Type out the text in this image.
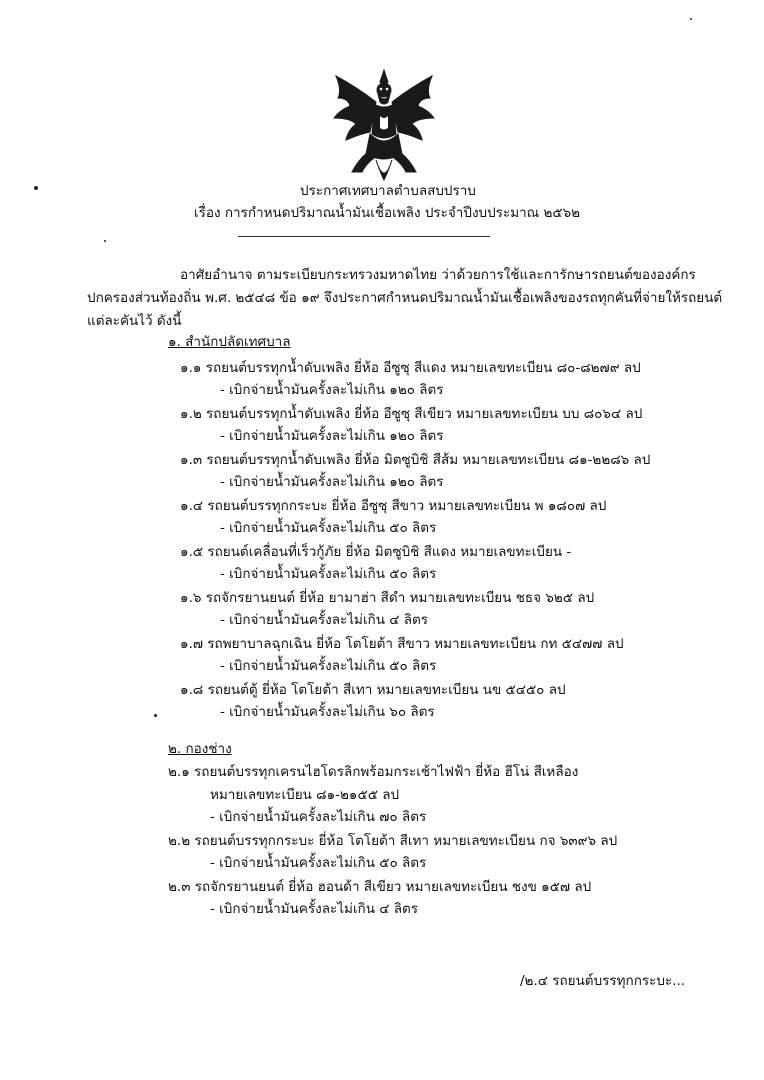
ประกาศเทศบาลตำบลสบปราบ
เรื่อง การกำหนดปริมาณน้ำมันเชื้อเพลิง ประจำปีงบประมาณ ๒๕๖๒
อาศัยอำนาจ ตามระเบียบกระทรวงมหาดไทย ว่าด้วยการใช้และการักษารถยนต์ขององค์กร
ปกครองส่วนท้องถิ่น พ.ศ. ๒๕๔๘ ข้อ ๑๙ จึงประกาศกำหนดปริมาณน้ำมันเชื้อเพลิงของรถทุกคันที่จ่ายให้รถยนต์
แต่ละคันไว้ ดังนี้
๑. สำนักปลัดเทศบาล
๑.๑ รถยนต์บรรทุกน้ำดับเพลิง ยี่ห้อ อีซูซุ สีแดง หมายเลขทะเบียน ๘๐-๘๒๗๙ ลป
- เบิกจ่ายน้ำมันครั้งละไม่เกิน ๑๒๐ ลิตร
๑.๒ รถยนต์บรรทุกน้ำดับเพลิง ยี่ห้อ อีซูซุ สีเขียว หมายเลขทะเบียน บบ ๘๐๖๔ ลป
- เบิกจ่ายน้ำมันครั้งละไม่เกิน ๑๒๐ ลิตร
๑.๓ รถยนต์บรรทุกน้ำดับเพลิง ยี่ห้อ มิตซูบิชิ สีส้ม หมายเลขทะเบียน ๘๑-๒๒๘๖ ลป
- เบิกจ่ายน้ำมันครั้งละไม่เกิน ๑๒๐ ลิตร
๑.๔ รถยนต์บรรทุกกระบะ ยี่ห้อ อีซูซุ สีขาว หมายเลขทะเบียน พ ๑๘๐๗ ลป
- เบิกจ่ายน้ำมันครั้งละไม่เกิน ๕๐ ลิตร
๑.๕ รถยนต์เคลื่อนที่เร็วกู้ภัย ยี่ห้อ มิตซูบิชิ สีแดง หมายเลขทะเบียน -
- เบิกจ่ายน้ำมันครั้งละไม่เกิน ๕๐ ลิตร
๑.๖ รถจักรยานยนต์ ยี่ห้อ ยามาฮ่า สีดำ หมายเลขทะเบียน ชธจ ๖๒๕ ลป
- เบิกจ่ายน้ำมันครั้งละไม่เกิน ๔ ลิตร
๑.๗ รถพยาบาลฉุกเฉิน ยี่ห้อ โตโยต้า สีขาว หมายเลขทะเบียน กท ๕๔๗๗ ลป
- เบิกจ่ายน้ำมันครั้งละไม่เกิน ๕๐ ลิตร
๑.๘ รถยนต์ตู้ ยี่ห้อ โตโยต้า สีเทา หมายเลขทะเบียน นข ๕๔๕๐ ลป
- เบิกจ่ายน้ำมันครั้งละไม่เกิน ๖๐ ลิตร
๒. กองช่าง
๒.๑ รถยนต์บรรทุกเครนไฮโดรลิกพร้อมกระเช้าไฟฟ้า ยี่ห้อ ฮีโน่ สีเหลือง
หมายเลขทะเบียน ๘๑-๒๑๕๕ ลป
- เบิกจ่ายน้ำมันครั้งละไม่เกิน ๗๐ ลิตร
๒.๒ รถยนต์บรรทุกกระบะ ยี่ห้อ โตโยต้า สีเทา หมายเลขทะเบียน กจ ๖๓๙๖ ลป
- เบิกจ่ายน้ำมันครั้งละไม่เกิน ๕๐ ลิตร
๒.๓ รถจักรยานยนต์ ยี่ห้อ ฮอนด้า สีเขียว หมายเลขทะเบียน ชงข ๑๕๗ ลป
- เบิกจ่ายน้ำมันครั้งละไม่เกิน ๔ ลิตร
/๒.๔ รถยนต์บรรทุกกระบะ...
